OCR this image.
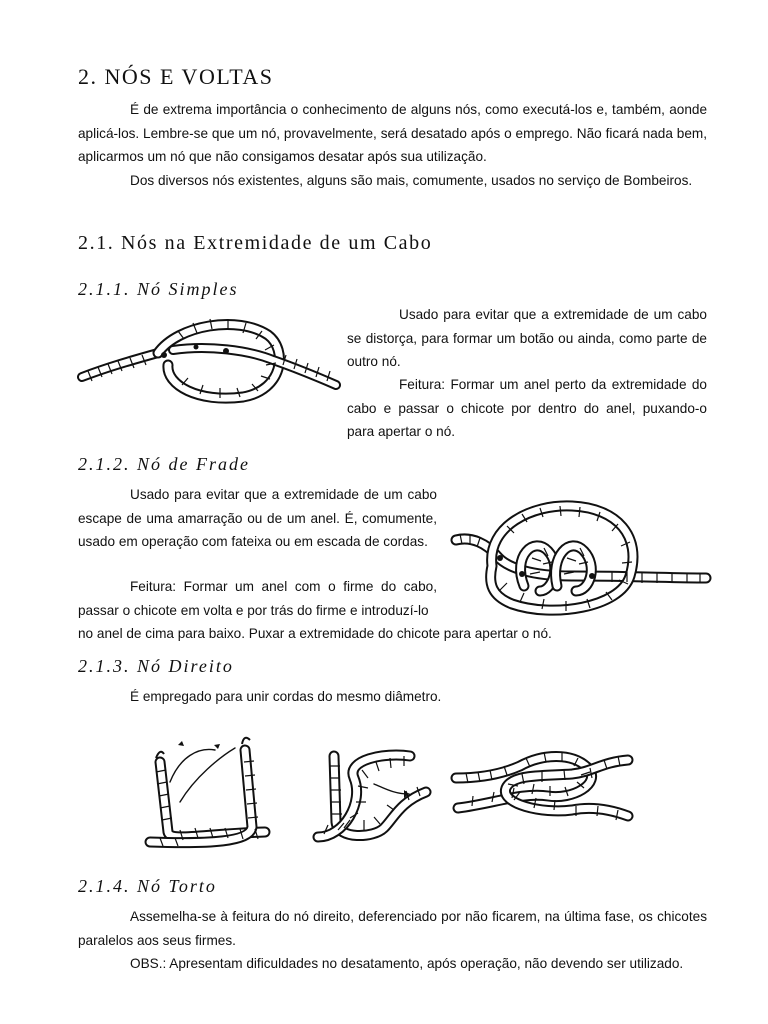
2. NÓS E VOLTAS
É de extrema importância o conhecimento de alguns nós, como executá-los e, também, aonde aplicá-los. Lembre-se que um nó, provavelmente, será desatado após o emprego. Não ficará nada bem, aplicarmos um nó que não consigamos desatar após sua utilização.
Dos diversos nós existentes, alguns são mais, comumente, usados no serviço de Bombeiros.
2.1. Nós na Extremidade de um Cabo
2.1.1. Nó Simples
Usado para evitar que a extremidade de um cabo se distorça, para formar um botão ou ainda, como parte de outro nó.
Feitura: Formar um anel perto da extremidade do cabo e passar o chicote por dentro do anel, puxando-o para apertar o nó.
2.1.2. Nó de Frade
Usado para evitar que a extremidade de um cabo escape de uma amarração ou de um anel. É, comumente, usado em operação com fateixa ou em escada de cordas.
Feitura: Formar um anel com o firme do cabo, passar o chicote em volta e por trás do firme e introduzí-lo
no anel de cima para baixo. Puxar a extremidade do chicote para apertar o nó.
2.1.3. Nó Direito
É empregado para unir cordas do mesmo diâmetro.
2.1.4. Nó Torto
Assemelha-se à feitura do nó direito, deferenciado por não ficarem, na última fase, os chicotes paralelos aos seus firmes.
OBS.: Apresentam dificuldades no desatamento, após operação, não devendo ser utilizado.
